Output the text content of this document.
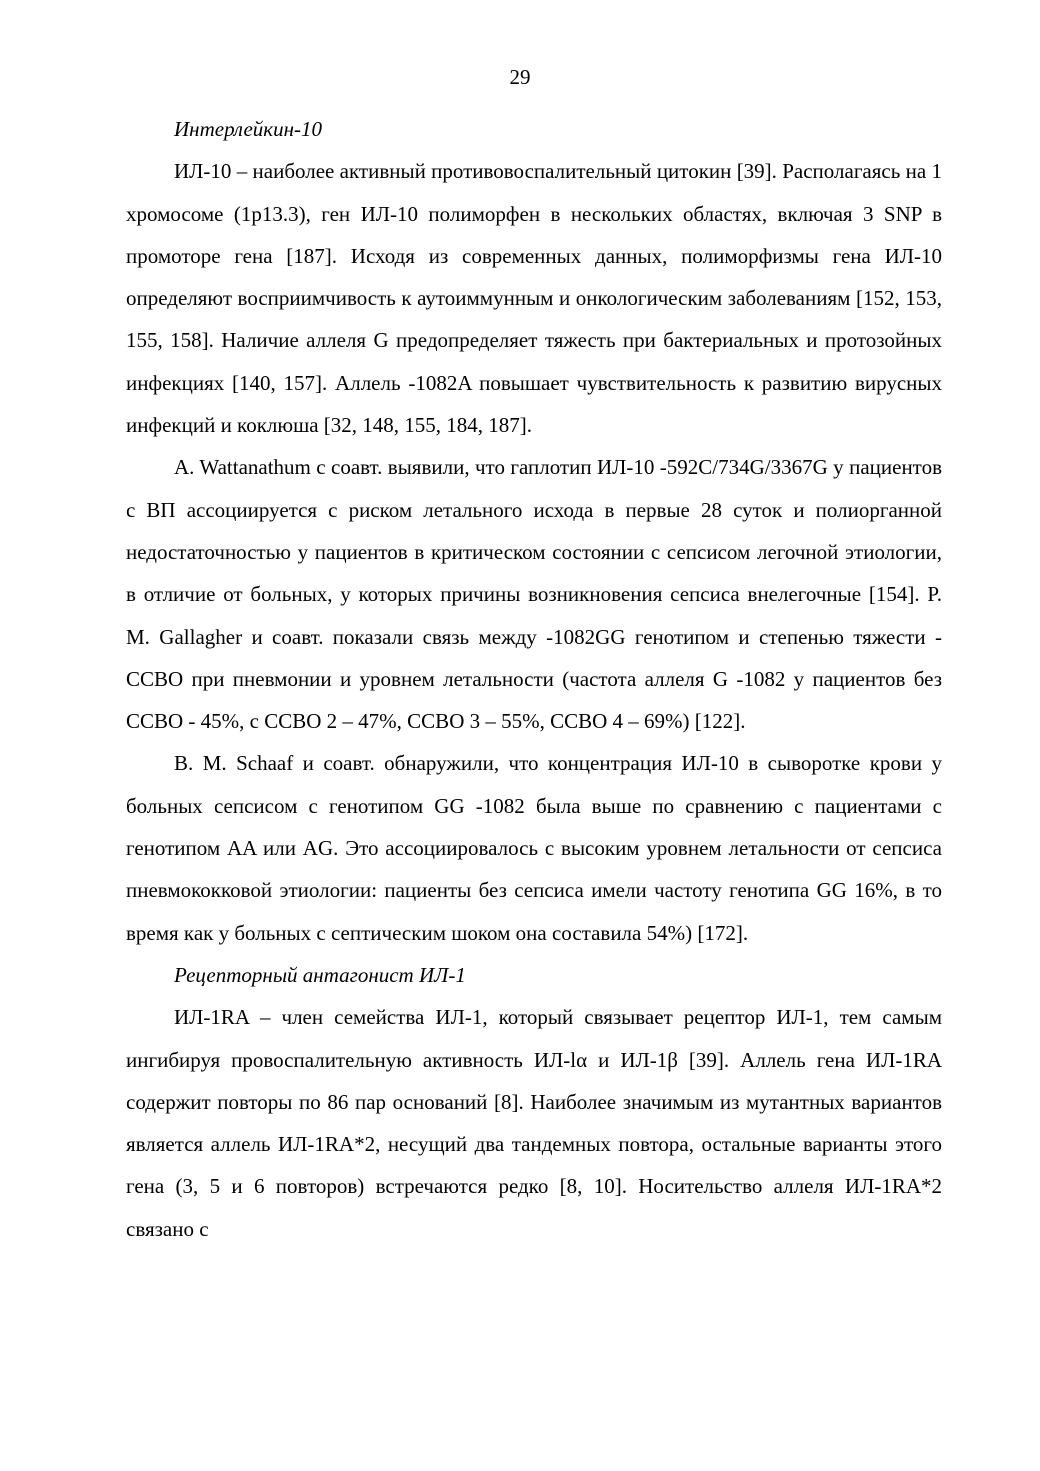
29

Интерлейкин-10

ИЛ-10 – наиболее активный противовоспалительный цитокин [39]. Располагаясь на 1 хромосоме (1p13.3), ген ИЛ-10 полиморфен в нескольких областях, включая 3 SNP в промоторе гена [187]. Исходя из современных данных, полиморфизмы гена ИЛ-10 определяют восприимчивость к аутоиммунным и онкологическим заболеваниям [152, 153, 155, 158]. Наличие аллеля G предопределяет тяжесть при бактериальных и протозойных инфекциях [140, 157]. Аллель -1082A повышает чувствительность к развитию вирусных инфекций и коклюша [32, 148, 155, 184, 187].

A. Wattanathum с соавт. выявили, что гаплотип ИЛ-10 -592C/734G/3367G у пациентов с ВП ассоциируется с риском летального исхода в первые 28 суток и полиорганной недостаточностью у пациентов в критическом состоянии с сепсисом легочной этиологии, в отличие от больных, у которых причины возникновения сепсиса внелегочные [154]. P. M. Gallagher и соавт. показали связь между -1082GG генотипом и степенью тяжести - ССВО при пневмонии и уровнем летальности (частота аллеля G -1082 у пациентов без ССВО - 45%, с ССВО 2 – 47%, ССВО 3 – 55%, ССВО 4 – 69%) [122].

B. M. Schaaf и соавт. обнаружили, что концентрация ИЛ-10 в сыворотке крови у больных сепсисом с генотипом GG -1082 была выше по сравнению с пациентами с генотипом AA или AG. Это ассоциировалось с высоким уровнем летальности от сепсиса пневмококковой этиологии: пациенты без сепсиса имели частоту генотипа GG 16%, в то время как у больных с септическим шоком она составила 54%) [172].

Рецепторный антагонист ИЛ-1

ИЛ-1RA – член семейства ИЛ-1, который связывает рецептор ИЛ-1, тем самым ингибируя провоспалительную активность ИЛ-lα и ИЛ-1β [39]. Аллель гена ИЛ-1RA содержит повторы по 86 пар оснований [8]. Наиболее значимым из мутантных вариантов является аллель ИЛ-1RA*2, несущий два тандемных повтора, остальные варианты этого гена (3, 5 и 6 повторов) встречаются редко [8, 10]. Носительство аллеля ИЛ-1RA*2 связано с
